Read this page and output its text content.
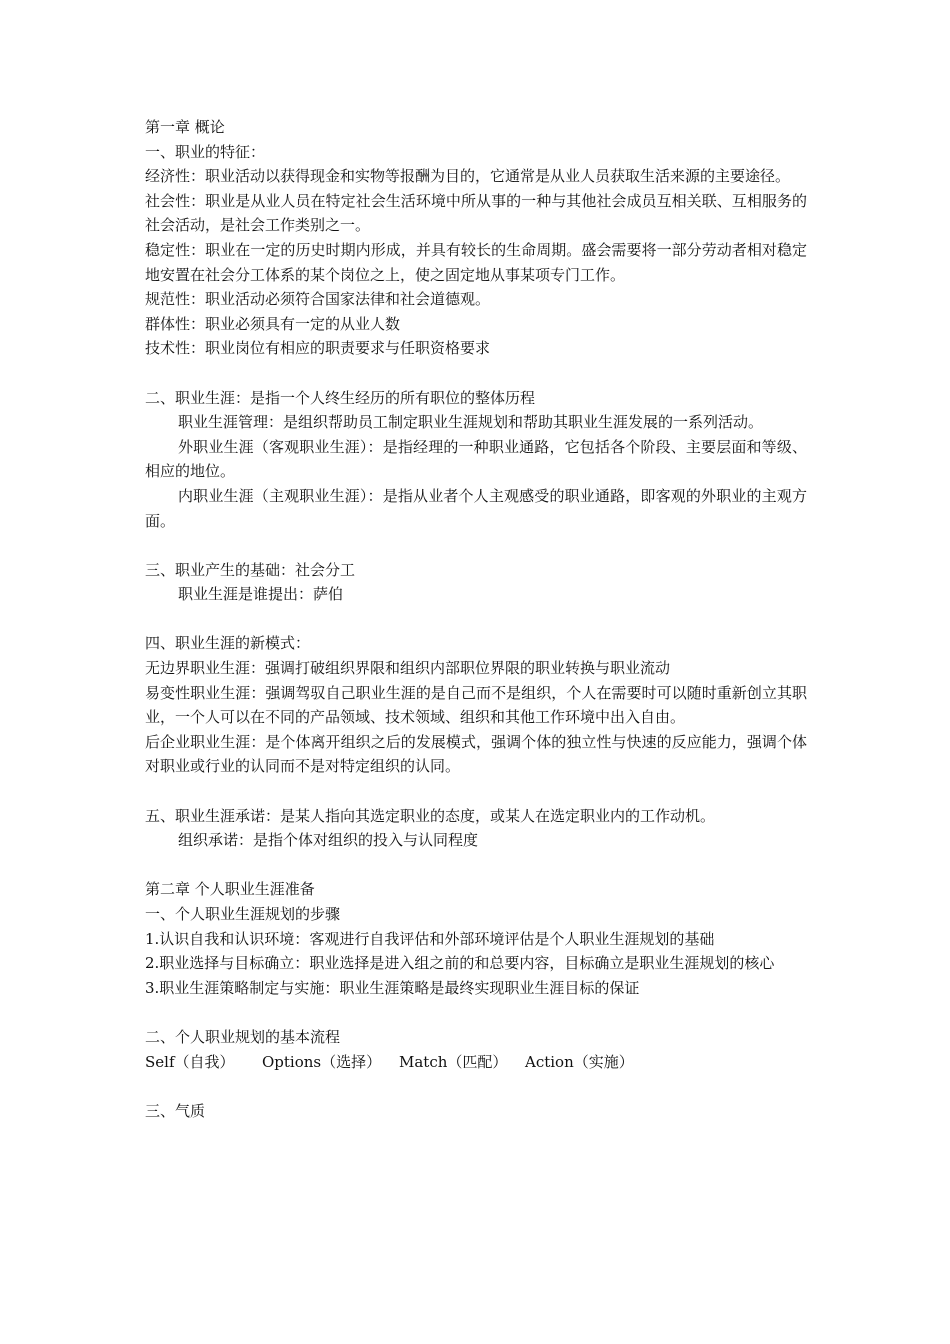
第一章 概论

一、职业的特征：

经济性：职业活动以获得现金和实物等报酬为目的，它通常是从业人员获取生活来源的主要途径。

社会性：职业是从业人员在特定社会生活环境中所从事的一种与其他社会成员互相关联、互相服务的社会活动，是社会工作类别之一。

稳定性：职业在一定的历史时期内形成，并具有较长的生命周期。盛会需要将一部分劳动者相对稳定地安置在社会分工体系的某个岗位之上，使之固定地从事某项专门工作。

规范性：职业活动必须符合国家法律和社会道德观。

群体性：职业必须具有一定的从业人数

技术性：职业岗位有相应的职责要求与任职资格要求

二、职业生涯：是指一个人终生经历的所有职位的整体历程

职业生涯管理：是组织帮助员工制定职业生涯规划和帮助其职业生涯发展的一系列活动。

外职业生涯（客观职业生涯）：是指经理的一种职业通路，它包括各个阶段、主要层面和等级、相应的地位。

内职业生涯（主观职业生涯）：是指从业者个人主观感受的职业通路，即客观的外职业的主观方面。

三、职业产生的基础：社会分工

职业生涯是谁提出：萨伯

四、职业生涯的新模式：

无边界职业生涯：强调打破组织界限和组织内部职位界限的职业转换与职业流动

易变性职业生涯：强调驾驭自己职业生涯的是自己而不是组织，个人在需要时可以随时重新创立其职业，一个人可以在不同的产品领域、技术领域、组织和其他工作环境中出入自由。

后企业职业生涯：是个体离开组织之后的发展模式，强调个体的独立性与快速的反应能力，强调个体对职业或行业的认同而不是对特定组织的认同。

五、职业生涯承诺：是某人指向其选定职业的态度，或某人在选定职业内的工作动机。

组织承诺：是指个体对组织的投入与认同程度

第二章 个人职业生涯准备

一、个人职业生涯规划的步骤

1.认识自我和认识环境：客观进行自我评估和外部环境评估是个人职业生涯规划的基础

2.职业选择与目标确立：职业选择是进入组之前的和总要内容，目标确立是职业生涯规划的核心

3.职业生涯策略制定与实施：职业生涯策略是最终实现职业生涯目标的保证

二、个人职业规划的基本流程

Self（自我） Options（选择） Match（匹配） Action（实施）

三、气质
